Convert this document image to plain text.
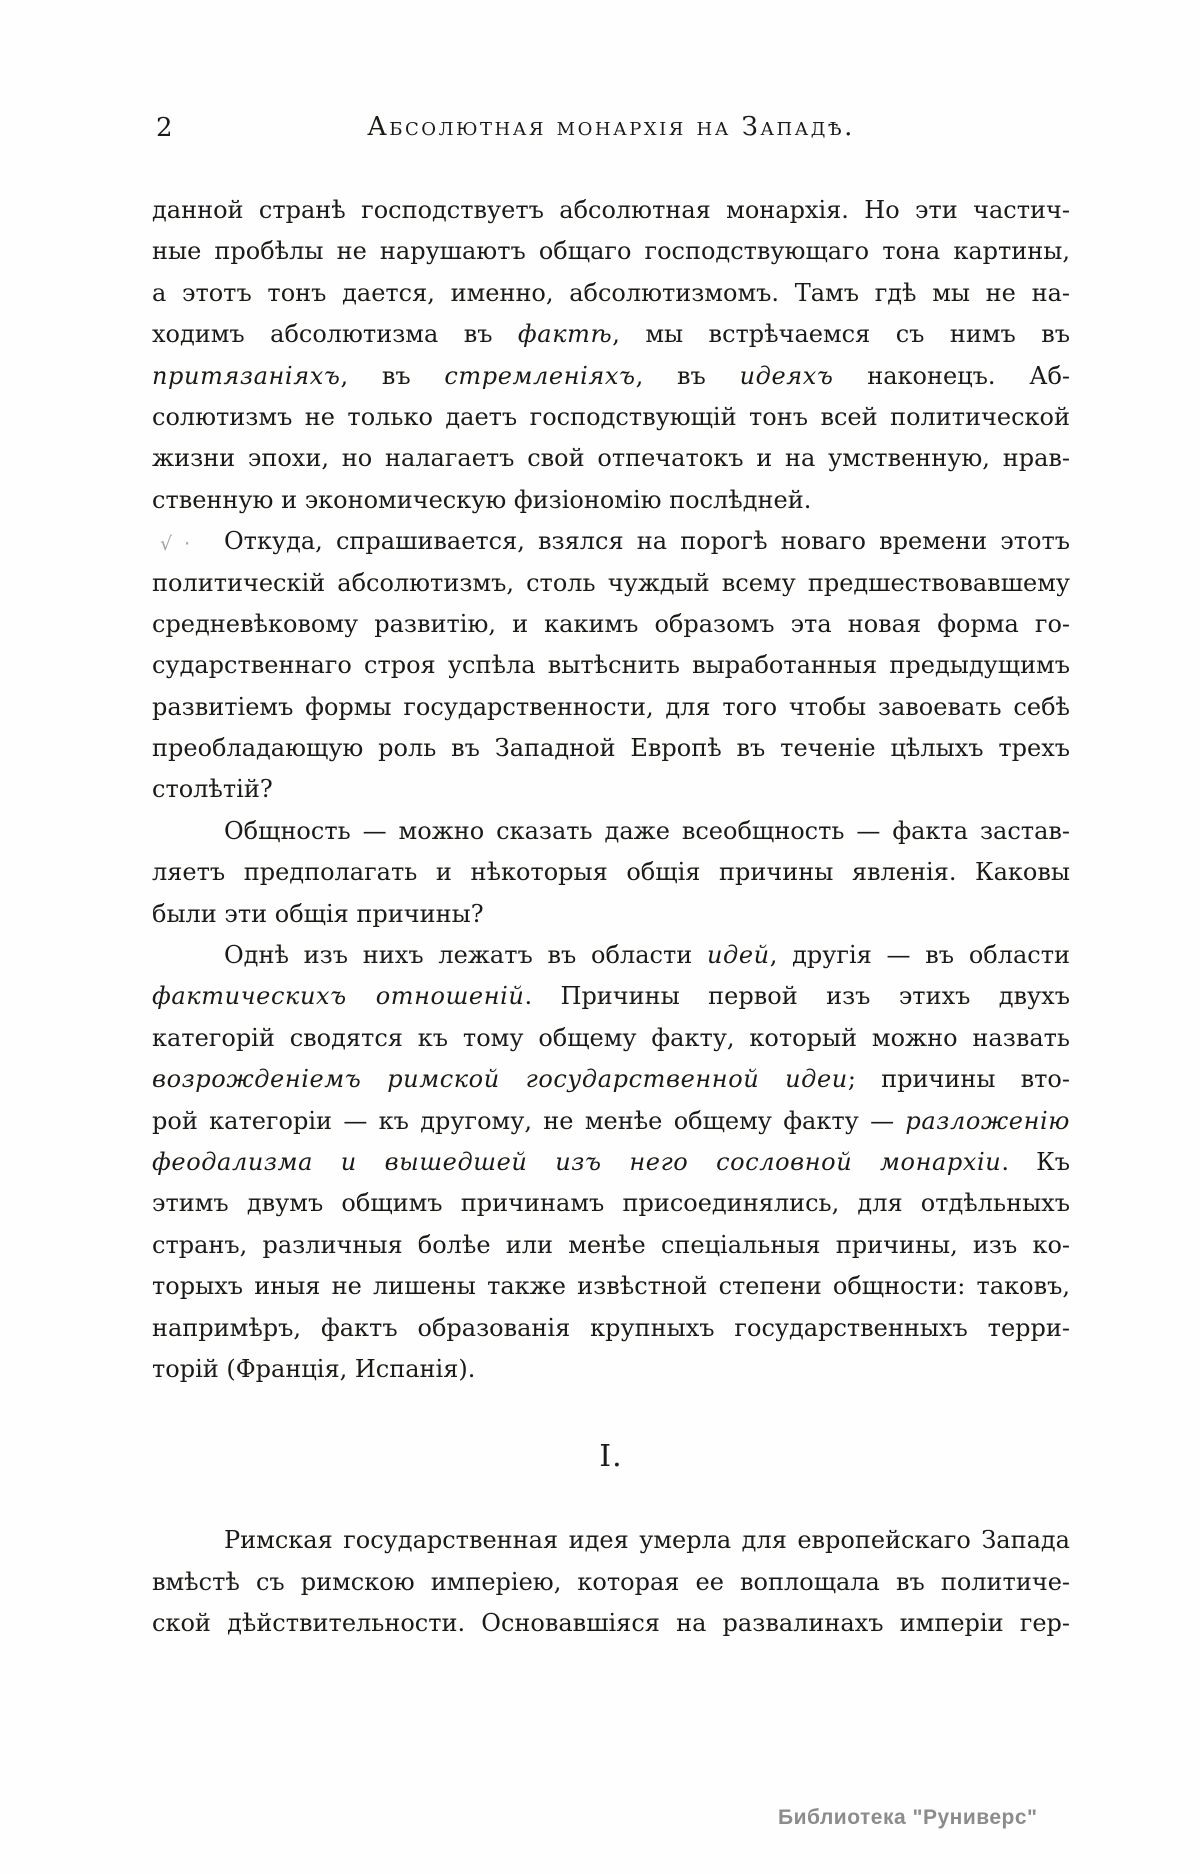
2	Абсолютная монархія на Западѣ.
данной странѣ господствуетъ абсолютная монархія. Но эти частич-
ные пробѣлы не нарушаютъ общаго господствующаго тона картины,
а этотъ тонъ дается, именно, абсолютизмомъ. Тамъ гдѣ мы не на-
ходимъ абсолютизма въ фактѣ, мы встрѣчаемся съ нимъ въ
притязаніяхъ, въ стремленіяхъ, въ идеяхъ наконецъ. Аб-
солютизмъ не только даетъ господствующій тонъ всей политической
жизни эпохи, но налагаетъ свой отпечатокъ и на умственную, нрав-
ственную и экономическую физіономію послѣдней.
√ · Откуда, спрашивается, взялся на порогѣ новаго времени этотъ
политическій абсолютизмъ, столь чуждый всему предшествовавшему
средневѣковому развитію, и какимъ образомъ эта новая форма го-
сударственнаго строя успѣла вытѣснить выработанныя предыдущимъ
развитіемъ формы государственности, для того чтобы завоевать себѣ
преобладающую роль въ Западной Европѣ въ теченіе цѣлыхъ трехъ
столѣтій?
Общность — можно сказать даже всеобщность — факта застав-
ляетъ предполагать и нѣкоторыя общія причины явленія. Каковы
были эти общія причины?
Однѣ изъ нихъ лежатъ въ области идей, другія — въ области
фактическихъ отношеній. Причины первой изъ этихъ двухъ
категорій сводятся къ тому общему факту, который можно назвать
возрожденіемъ римской государственной идеи; причины вто-
рой категоріи — къ другому, не менѣе общему факту — разложенію
феодализма и вышедшей изъ него сословной монархіи. Къ
этимъ двумъ общимъ причинамъ присоединялись, для отдѣльныхъ
странъ, различныя болѣе или менѣе спеціальныя причины, изъ ко-
торыхъ иныя не лишены также извѣстной степени общности: таковъ,
напримѣръ, фактъ образованія крупныхъ государственныхъ терри-
торій (Франція, Испанія).
I.
Римская государственная идея умерла для европейскаго Запада
вмѣстѣ съ римскою имперіею, которая ее воплощала въ политиче-
ской дѣйствительности. Основавшіяся на развалинахъ имперіи гер-
Библиотека "Руниверс"
